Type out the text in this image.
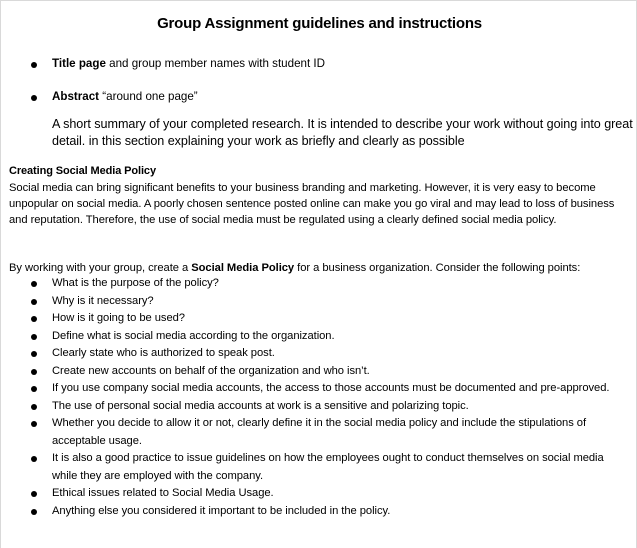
Group Assignment guidelines and instructions
Title page and group member names with student ID
Abstract “around one page”
A short summary of your completed research. It is intended to describe your work without going into great detail. in this section explaining your work as briefly and clearly as possible
Creating Social Media Policy
Social media can bring significant benefits to your business branding and marketing. However, it is very easy to become unpopular on social media. A poorly chosen sentence posted online can make you go viral and may lead to loss of business and reputation. Therefore, the use of social media must be regulated using a clearly defined social media policy.
By working with your group, create a Social Media Policy for a business organization. Consider the following points:
What is the purpose of the policy?
Why is it necessary?
How is it going to be used?
Define what is social media according to the organization.
Clearly state who is authorized to speak post.
Create new accounts on behalf of the organization and who isn’t.
If you use company social media accounts, the access to those accounts must be documented and pre-approved.
The use of personal social media accounts at work is a sensitive and polarizing topic.
Whether you decide to allow it or not, clearly define it in the social media policy and include the stipulations of acceptable usage.
It is also a good practice to issue guidelines on how the employees ought to conduct themselves on social media while they are employed with the company.
Ethical issues related to Social Media Usage.
Anything else you considered it important to be included in the policy.
